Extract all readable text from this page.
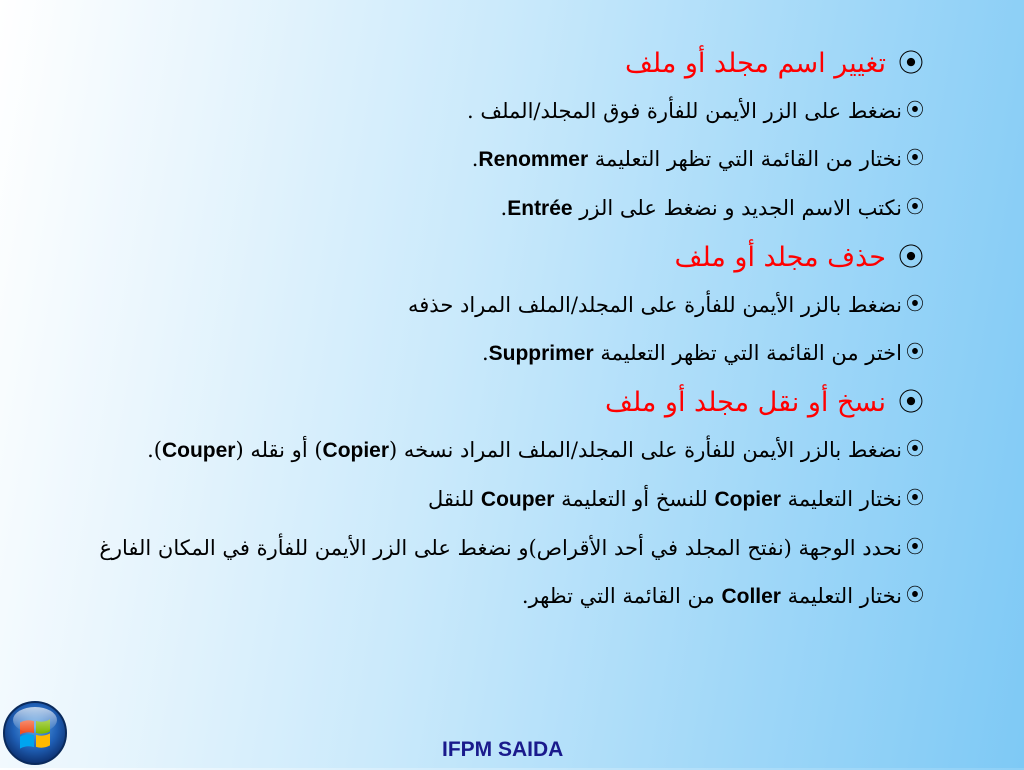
⦿
تغيير اسم مجلد أو ملف
⦿
نضغط على الزر الأيمن للفأرة فوق المجلد/الملف .
⦿
نختار من القائمة التي تظهر التعليمة Renommer.
⦿
نكتب الاسم الجديد و نضغط على الزر Entrée.
⦿
حذف مجلد أو ملف
⦿
نضغط بالزر الأيمن للفأرة على المجلد/الملف المراد حذفه
⦿
اختر من القائمة التي تظهر التعليمة Supprimer.
⦿
نسخ أو نقل مجلد أو ملف
⦿
نضغط بالزر الأيمن للفأرة على المجلد/الملف المراد نسخه (Copier) أو نقله (Couper).
⦿
نختار التعليمة Copier للنسخ أو التعليمة Couper للنقل
⦿
نحدد الوجهة (نفتح المجلد في أحد الأقراص)و نضغط على الزر الأيمن للفأرة في المكان الفارغ
⦿
نختار التعليمة Coller من القائمة التي تظهر.
IFPM SAIDA
